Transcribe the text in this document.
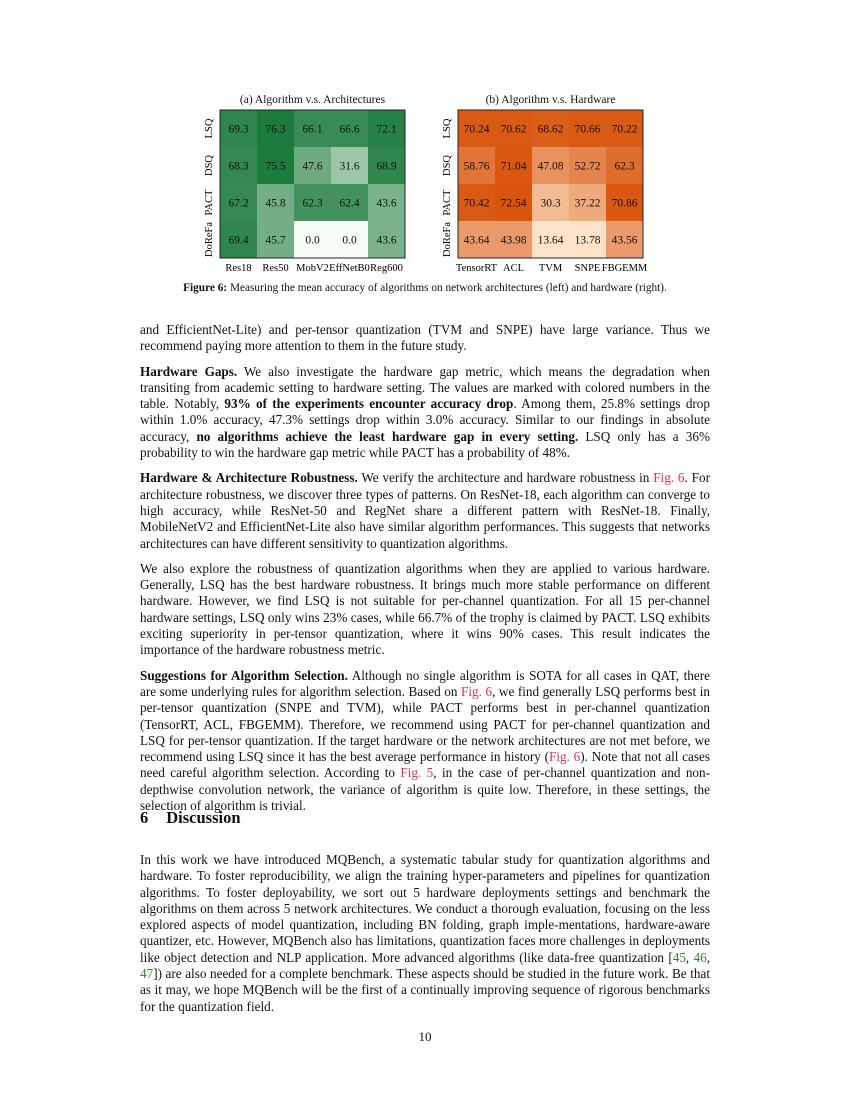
(a) Algorithm v.s. Architectures
69.3 76.3 66.1 66.6 72.1
68.3 75.5 47.6 31.6 68.9
67.2 45.8 62.3 62.4 43.6
69.4 45.7 0.0 0.0 43.6
LSQ
DSQ
PACT
DoReFa
Res18 Res50 MobV2 EffNetB0 Reg600
(b) Algorithm v.s. Hardware
70.24 70.62 68.62 70.66 70.22
58.76 71.04 47.08 52.72 62.3
70.42 72.54 30.3 37.22 70.86
43.64 43.98 13.64 13.78 43.56
LSQ
DSQ
PACT
DoReFa
TensorRT ACL TVM SNPE FBGEMM
Figure 6: Measuring the mean accuracy of algorithms on network architectures (left) and hardware (right).

and EfficientNet-Lite) and per-tensor quantization (TVM and SNPE) have large variance. Thus we recommend paying more attention to them in the future study.

Hardware Gaps. We also investigate the hardware gap metric, which means the degradation when transiting from academic setting to hardware setting. The values are marked with colored numbers in the table. Notably, 93% of the experiments encounter accuracy drop. Among them, 25.8% settings drop within 1.0% accuracy, 47.3% settings drop within 3.0% accuracy. Similar to our findings in absolute accuracy, no algorithms achieve the least hardware gap in every setting. LSQ only has a 36% probability to win the hardware gap metric while PACT has a probability of 48%.

Hardware & Architecture Robustness. We verify the architecture and hardware robustness in Fig. 6. For architecture robustness, we discover three types of patterns. On ResNet-18, each algorithm can converge to high accuracy, while ResNet-50 and RegNet share a different pattern with ResNet-18. Finally, MobileNetV2 and EfficientNet-Lite also have similar algorithm performances. This suggests that networks architectures can have different sensitivity to quantization algorithms.

We also explore the robustness of quantization algorithms when they are applied to various hardware. Generally, LSQ has the best hardware robustness. It brings much more stable performance on different hardware. However, we find LSQ is not suitable for per-channel quantization. For all 15 per-channel hardware settings, LSQ only wins 23% cases, while 66.7% of the trophy is claimed by PACT. LSQ exhibits exciting superiority in per-tensor quantization, where it wins 90% cases. This result indicates the importance of the hardware robustness metric.

Suggestions for Algorithm Selection. Although no single algorithm is SOTA for all cases in QAT, there are some underlying rules for algorithm selection. Based on Fig. 6, we find generally LSQ performs best in per-tensor quantization (SNPE and TVM), while PACT performs best in per-channel quantization (TensorRT, ACL, FBGEMM). Therefore, we recommend using PACT for per-channel quantization and LSQ for per-tensor quantization. If the target hardware or the network architectures are not met before, we recommend using LSQ since it has the best average performance in history (Fig. 6). Note that not all cases need careful algorithm selection. According to Fig. 5, in the case of per-channel quantization and non-depthwise convolution network, the variance of algorithm is quite low. Therefore, in these settings, the selection of algorithm is trivial.

6 Discussion

In this work we have introduced MQBench, a systematic tabular study for quantization algorithms and hardware. To foster reproducibility, we align the training hyper-parameters and pipelines for quantization algorithms. To foster deployability, we sort out 5 hardware deployments settings and benchmark the algorithms on them across 5 network architectures. We conduct a thorough evaluation, focusing on the less explored aspects of model quantization, including BN folding, graph imple-mentations, hardware-aware quantizer, etc. However, MQBench also has limitations, quantization faces more challenges in deployments like object detection and NLP application. More advanced algorithms (like data-free quantization [45, 46, 47]) are also needed for a complete benchmark. These aspects should be studied in the future work. Be that as it may, we hope MQBench will be the first of a continually improving sequence of rigorous benchmarks for the quantization field.

10
